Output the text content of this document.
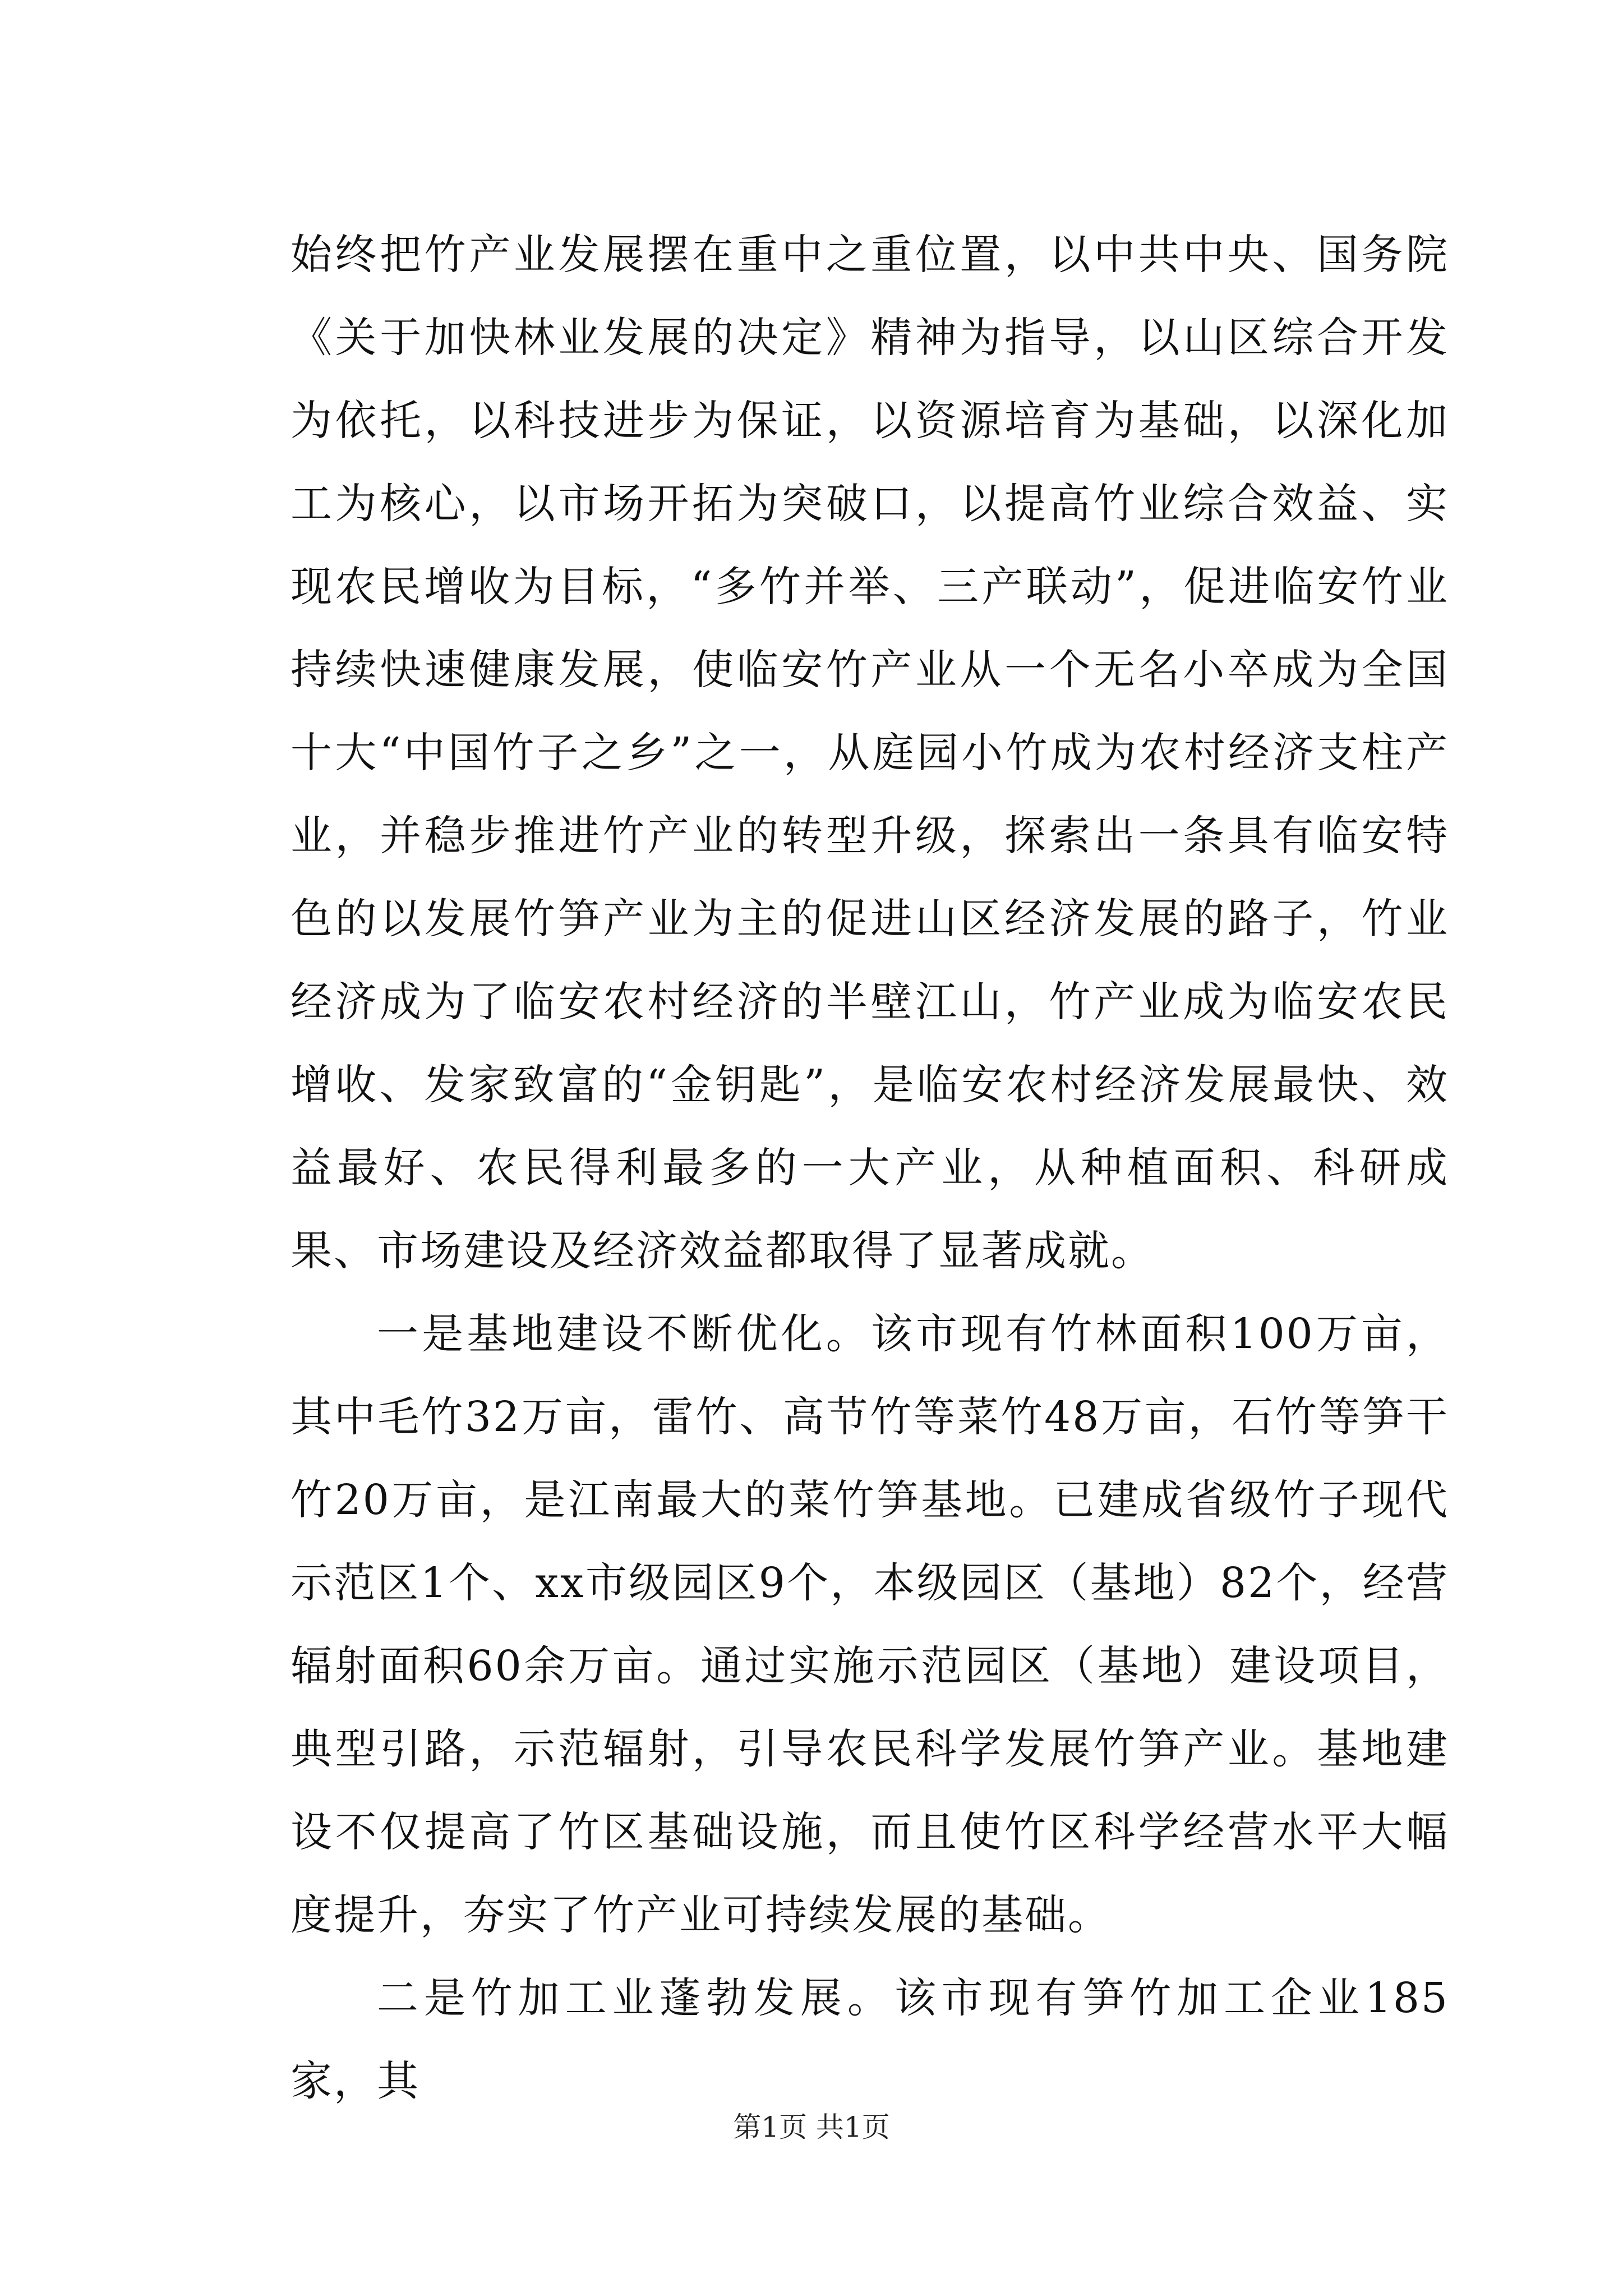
始终把竹产业发展摆在重中之重位置，以中共中央、国务院《关于加快林业发展的决定》精神为指导，以山区综合开发为依托，以科技进步为保证，以资源培育为基础，以深化加工为核心，以市场开拓为突破口，以提高竹业综合效益、实现农民增收为目标，“多竹并举、三产联动”，促进临安竹业持续快速健康发展，使临安竹产业从一个无名小卒成为全国十大“中国竹子之乡”之一，从庭园小竹成为农村经济支柱产业，并稳步推进竹产业的转型升级，探索出一条具有临安特色的以发展竹笋产业为主的促进山区经济发展的路子，竹业经济成为了临安农村经济的半壁江山，竹产业成为临安农民增收、发家致富的“金钥匙”，是临安农村经济发展最快、效益最好、农民得利最多的一大产业，从种植面积、科研成果、市场建设及经济效益都取得了显著成就。

一是基地建设不断优化。该市现有竹林面积100万亩，其中毛竹32万亩，雷竹、高节竹等菜竹48万亩，石竹等笋干竹20万亩，是江南最大的菜竹笋基地。已建成省级竹子现代示范区1个、xx市级园区9个，本级园区（基地）82个，经营辐射面积60余万亩。通过实施示范园区（基地）建设项目，典型引路，示范辐射，引导农民科学发展竹笋产业。基地建设不仅提高了竹区基础设施，而且使竹区科学经营水平大幅度提升，夯实了竹产业可持续发展的基础。

二是竹加工业蓬勃发展。该市现有笋竹加工企业185家，其

第1页 共1页
